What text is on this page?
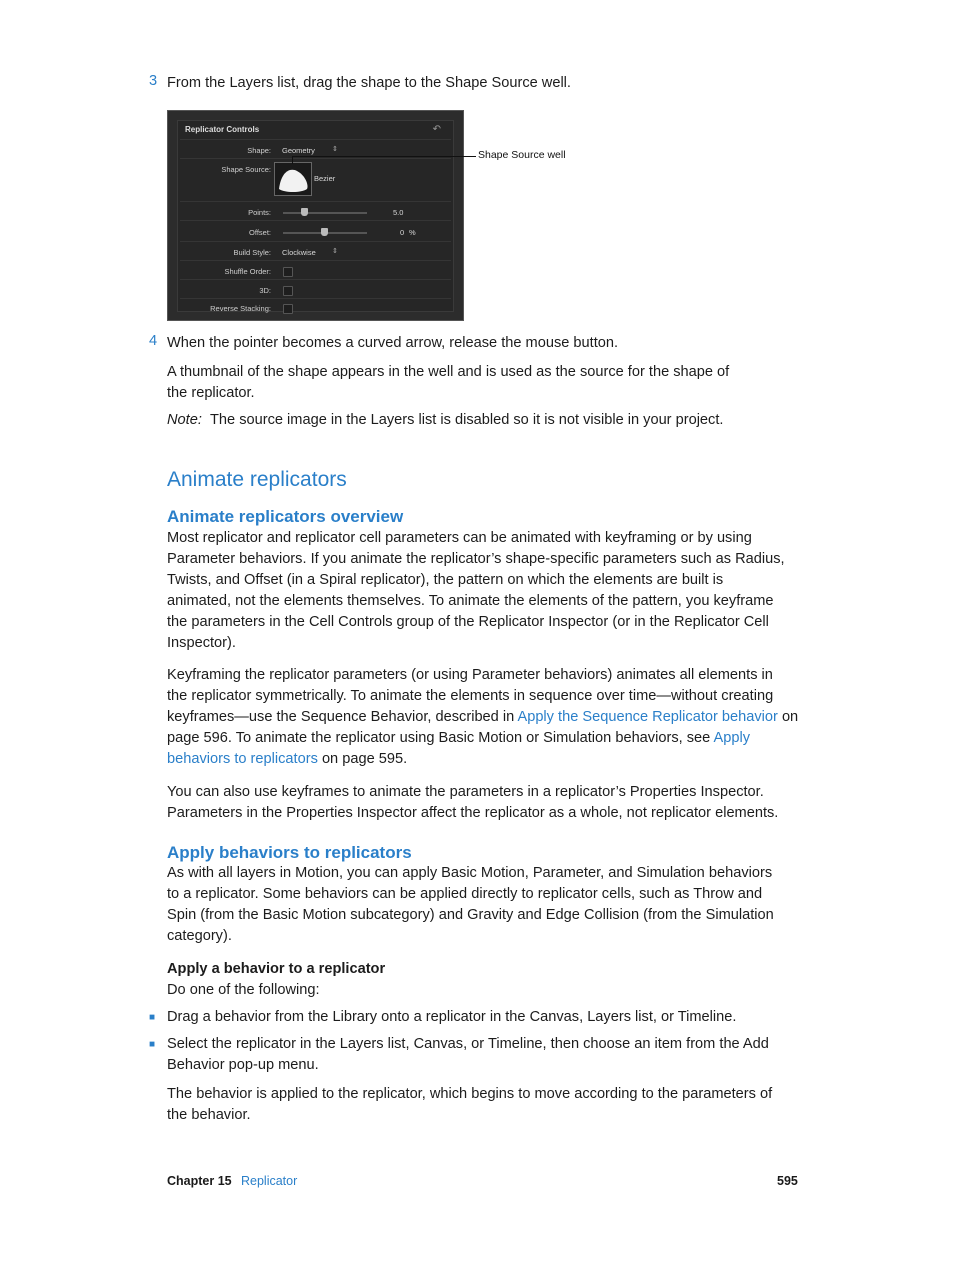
3 From the Layers list, drag the shape to the Shape Source well.
Replicator Controls	↶
Shape: Geometry ⇕
Shape Source:
Bezier
Points:	5.0
Offset:	0 %
Build Style: Clockwise ⇕
Shuffle Order:
3D:
Reverse Stacking:
Shape Source well
4 When the pointer becomes a curved arrow, release the mouse button.
A thumbnail of the shape appears in the well and is used as the source for the shape of
the replicator.
Note: The source image in the Layers list is disabled so it is not visible in your project.
Animate replicators
Animate replicators overview
Most replicator and replicator cell parameters can be animated with keyframing or by using
Parameter behaviors. If you animate the replicator’s shape-specific parameters such as Radius,
Twists, and Offset (in a Spiral replicator), the pattern on which the elements are built is
animated, not the elements themselves. To animate the elements of the pattern, you keyframe
the parameters in the Cell Controls group of the Replicator Inspector (or in the Replicator Cell
Inspector).
Keyframing the replicator parameters (or using Parameter behaviors) animates all elements in
the replicator symmetrically. To animate the elements in sequence over time—without creating
keyframes—use the Sequence Behavior, described in Apply the Sequence Replicator behavior on
page 596. To animate the replicator using Basic Motion or Simulation behaviors, see Apply
behaviors to replicators on page 595.
You can also use keyframes to animate the parameters in a replicator’s Properties Inspector.
Parameters in the Properties Inspector affect the replicator as a whole, not replicator elements.
Apply behaviors to replicators
As with all layers in Motion, you can apply Basic Motion, Parameter, and Simulation behaviors
to a replicator. Some behaviors can be applied directly to replicator cells, such as Throw and
Spin (from the Basic Motion subcategory) and Gravity and Edge Collision (from the Simulation
category).
Apply a behavior to a replicator
Do one of the following:
■ Drag a behavior from the Library onto a replicator in the Canvas, Layers list, or Timeline.
■ Select the replicator in the Layers list, Canvas, or Timeline, then choose an item from the Add
Behavior pop-up menu.
The behavior is applied to the replicator, which begins to move according to the parameters of
the behavior.
Chapter 15 Replicator	595
